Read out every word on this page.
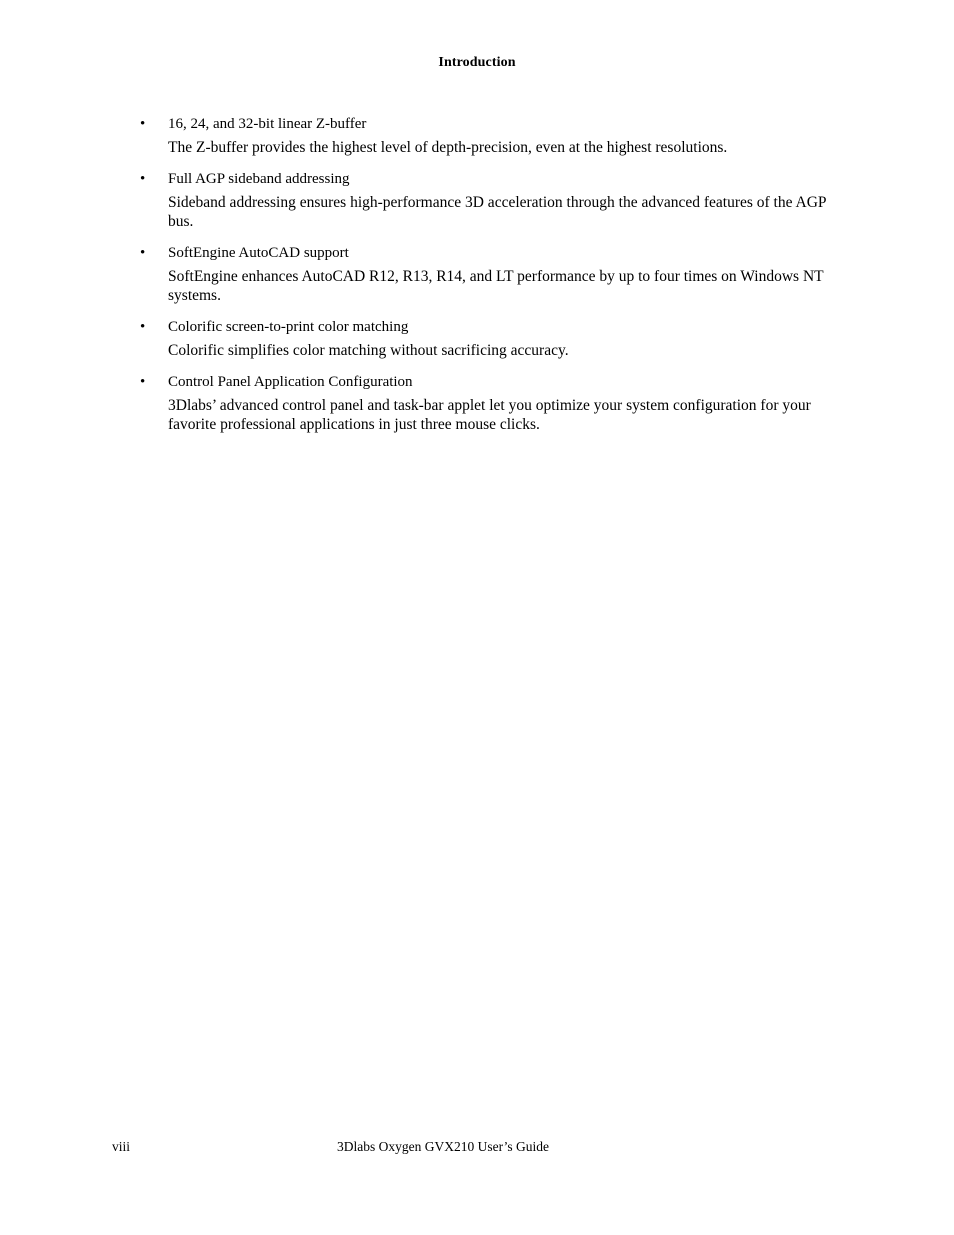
Introduction
• 16, 24, and 32-bit linear Z-buffer
The Z-buffer provides the highest level of depth-precision, even at the highest resolutions.
• Full AGP sideband addressing
Sideband addressing ensures high-performance 3D acceleration through the advanced features of the AGP bus.
• SoftEngine AutoCAD support
SoftEngine enhances AutoCAD R12, R13, R14, and LT performance by up to four times on Windows NT systems.
• Colorific screen-to-print color matching
Colorific simplifies color matching without sacrificing accuracy.
• Control Panel Application Configuration
3Dlabs’ advanced control panel and task-bar applet let you optimize your system configuration for your favorite professional applications in just three mouse clicks.
viii	3Dlabs Oxygen GVX210 User’s Guide
